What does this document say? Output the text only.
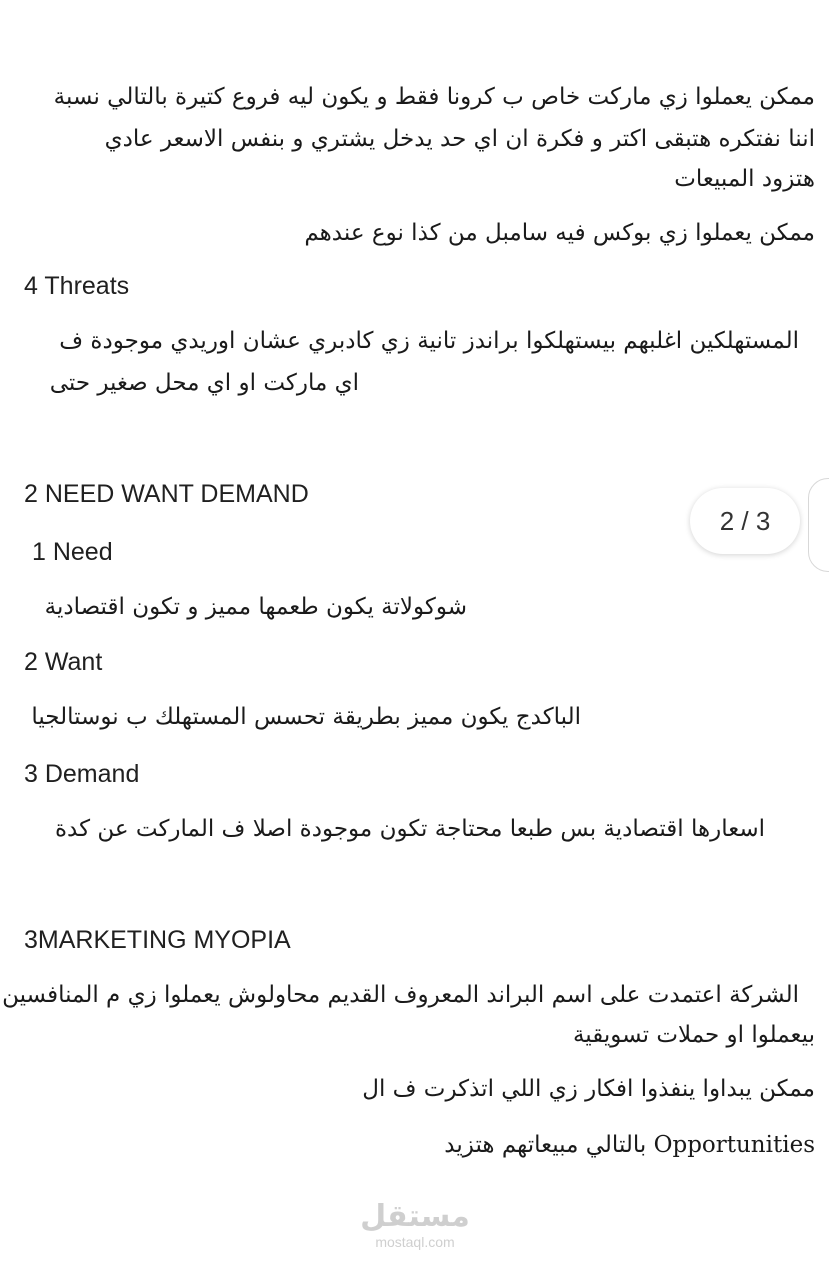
ممكن يعملوا زي ماركت خاص ب كرونا فقط و يكون ليه فروع كتيرة بالتالي نسبة
اننا نفتكره هتبقى اكتر و فكرة ان اي حد يدخل يشتري و بنفس الاسعر عادي
هتزود المبيعات
ممكن يعملوا زي بوكس فيه سامبل من كذا نوع عندهم
4 Threats
المستهلكين اغلبهم بيستهلكوا براندز تانية زي كادبري عشان اوريدي موجودة ف
اي ماركت او اي محل صغير حتى
2 NEED WANT DEMAND
1 Need
شوكولاتة يكون طعمها مميز و تكون اقتصادية
2 Want
الباكدج يكون مميز بطريقة تحسس المستهلك ب نوستالجيا
3 Demand
اسعارها اقتصادية بس طبعا محتاجة تكون موجودة اصلا ف الماركت عن كدة
2 / 3
3MARKETING MYOPIA
الشركة اعتمدت على اسم البراند المعروف القديم محاولوش يعملوا زي م المنافسين
بيعملوا او حملات تسويقية
ممكن يبداوا ينفذوا افكار زي اللي اتذكرت ف ال
Opportunities بالتالي مبيعاتهم هتزيد
مستقل
mostaql.com
